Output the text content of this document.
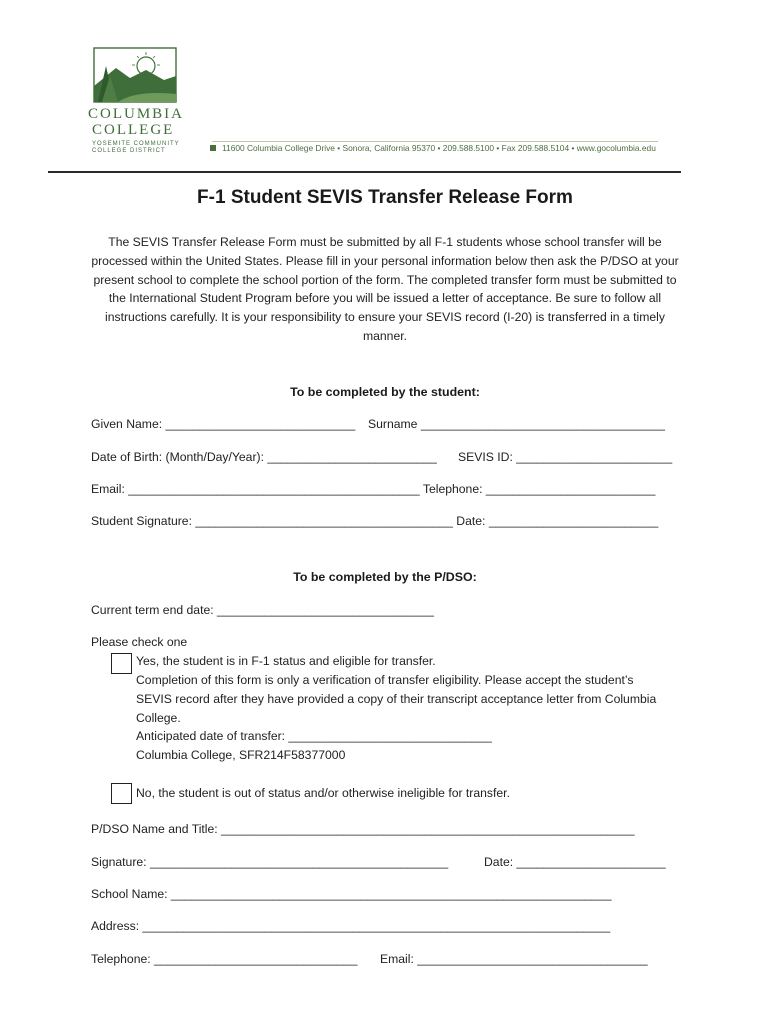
COLUMBIA
COLLEGE
YOSEMITE COMMUNITY
COLLEGE DISTRICT	11600 Columbia College Drive • Sonora, California 95370 • 209.588.5100 • Fax 209.588.5104 • www.gocolumbia.edu
F-1 Student SEVIS Transfer Release Form
The SEVIS Transfer Release Form must be submitted by all F-1 students whose school transfer will be processed within the United States. Please fill in your personal information below then ask the P/DSO at your present school to complete the school portion of the form. The completed transfer form must be submitted to the International Student Program before you will be issued a letter of acceptance. Be sure to follow all instructions carefully. It is your responsibility to ensure your SEVIS record (I-20) is transferred in a timely manner.
To be completed by the student:
Given Name: ____________________________ Surname ____________________________________
Date of Birth: (Month/Day/Year): _________________________ SEVIS ID: _______________________
Email: ___________________________________________ Telephone: _________________________
Student Signature: ______________________________________ Date: _________________________
To be completed by the P/DSO:
Current term end date: ________________________________
Please check one
Yes, the student is in F-1 status and eligible for transfer.
Completion of this form is only a verification of transfer eligibility. Please accept the student’s
SEVIS record after they have provided a copy of their transcript acceptance letter from Columbia
College.
Anticipated date of transfer: ______________________________
Columbia College, SFR214F58377000
No, the student is out of status and/or otherwise ineligible for transfer.
P/DSO Name and Title: _____________________________________________________________
Signature: ____________________________________________	Date: ______________________
School Name: _________________________________________________________________
Address: _____________________________________________________________________
Telephone: ______________________________ Email: __________________________________
